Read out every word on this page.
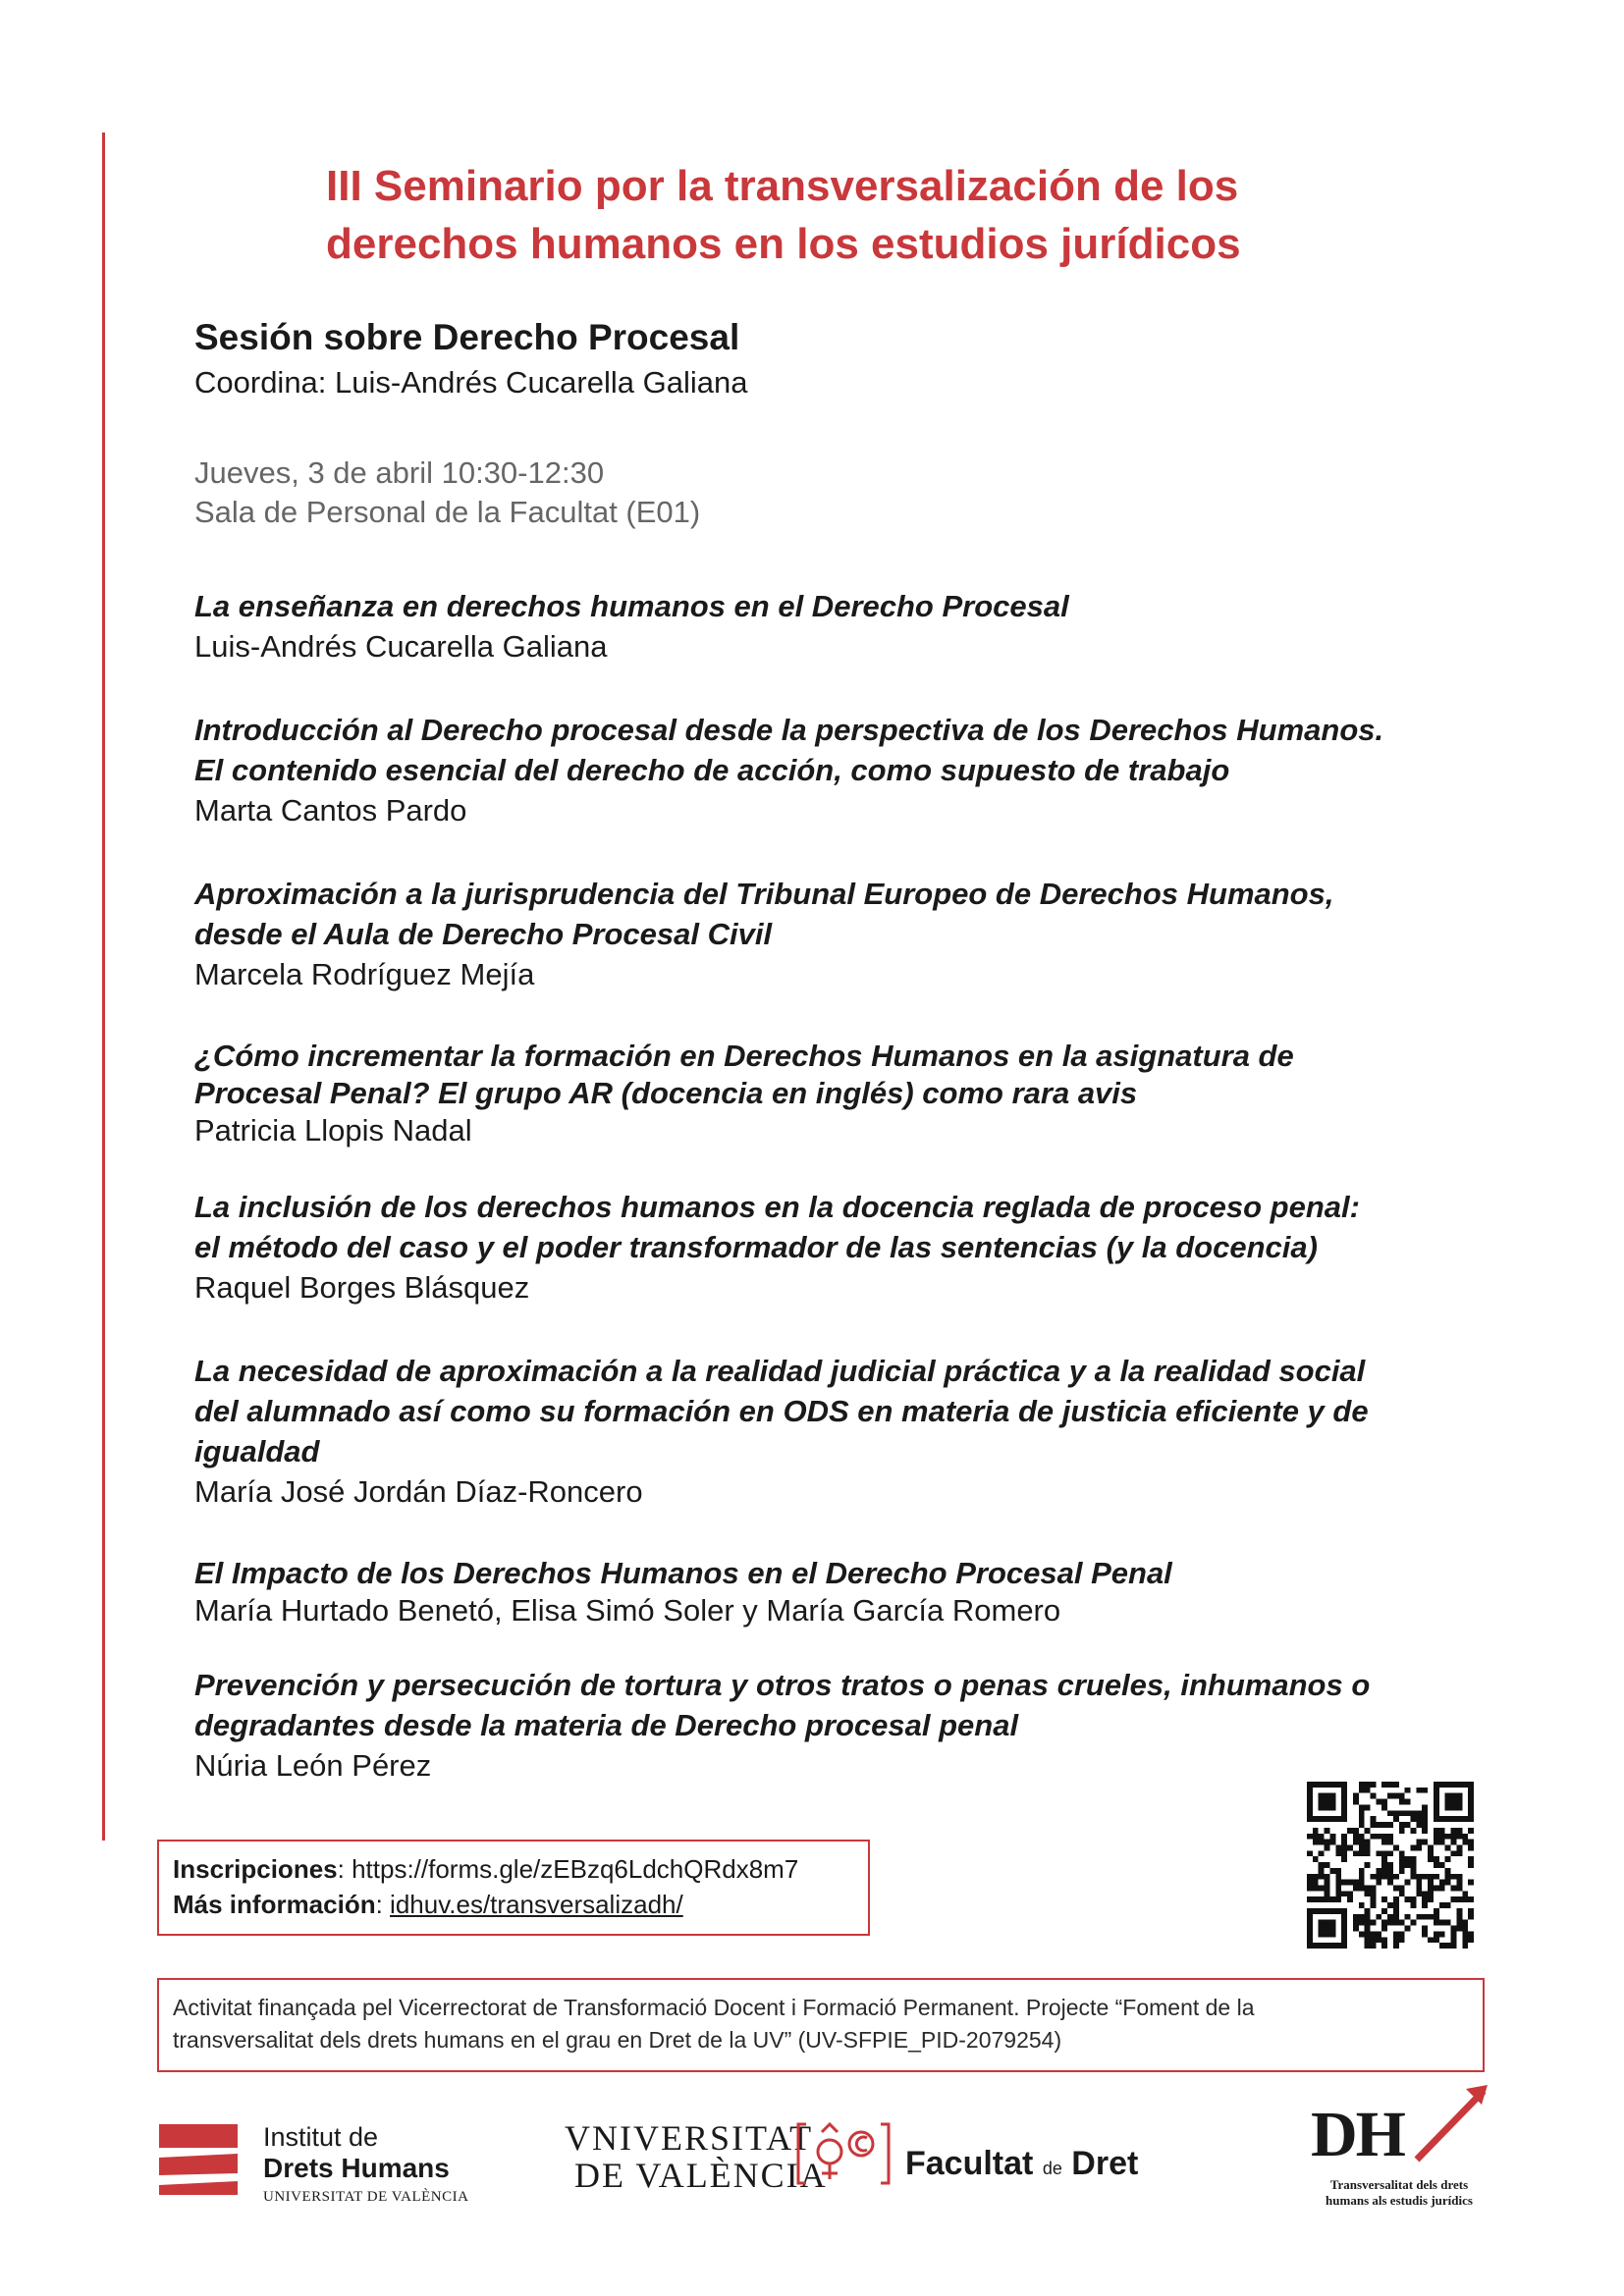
III Seminario por la transversalización de los
derechos humanos en los estudios jurídicos
Sesión sobre Derecho Procesal
Coordina: Luis-Andrés Cucarella Galiana
Jueves, 3 de abril 10:30-12:30
Sala de Personal de la Facultat (E01)
La enseñanza en derechos humanos en el Derecho Procesal
Luis-Andrés Cucarella Galiana
Introducción al Derecho procesal desde la perspectiva de los Derechos Humanos.
El contenido esencial del derecho de acción, como supuesto de trabajo
Marta Cantos Pardo
Aproximación a la jurisprudencia del Tribunal Europeo de Derechos Humanos,
desde el Aula de Derecho Procesal Civil
Marcela Rodríguez Mejía
¿Cómo incrementar la formación en Derechos Humanos en la asignatura de
Procesal Penal? El grupo AR (docencia en inglés) como rara avis
Patricia Llopis Nadal
La inclusión de los derechos humanos en la docencia reglada de proceso penal:
el método del caso y el poder transformador de las sentencias (y la docencia)
Raquel Borges Blásquez
La necesidad de aproximación a la realidad judicial práctica y a la realidad social
del alumnado así como su formación en ODS en materia de justicia eficiente y de
igualdad
María José Jordán Díaz-Roncero
El Impacto de los Derechos Humanos en el Derecho Procesal Penal
María Hurtado Benetó, Elisa Simó Soler y María García Romero
Prevención y persecución de tortura y otros tratos o penas crueles, inhumanos o
degradantes desde la materia de Derecho procesal penal
Núria León Pérez
Inscripciones: https://forms.gle/zEBzq6LdchQRdx8m7
Más información: idhuv.es/transversalizadh/
Activitat finançada pel Vicerrectorat de Transformació Docent i Formació Permanent. Projecte “Foment de la
transversalitat dels drets humans en el grau en Dret de la UV” (UV-SFPIE_PID-2079254)
Institut de
Drets Humans
UNIVERSITAT DE VALÈNCIA
VNIVERSITAT
DE VALÈNCIA Facultat de Dret	DH
Transversalitat dels drets
humans als estudis jurídics
